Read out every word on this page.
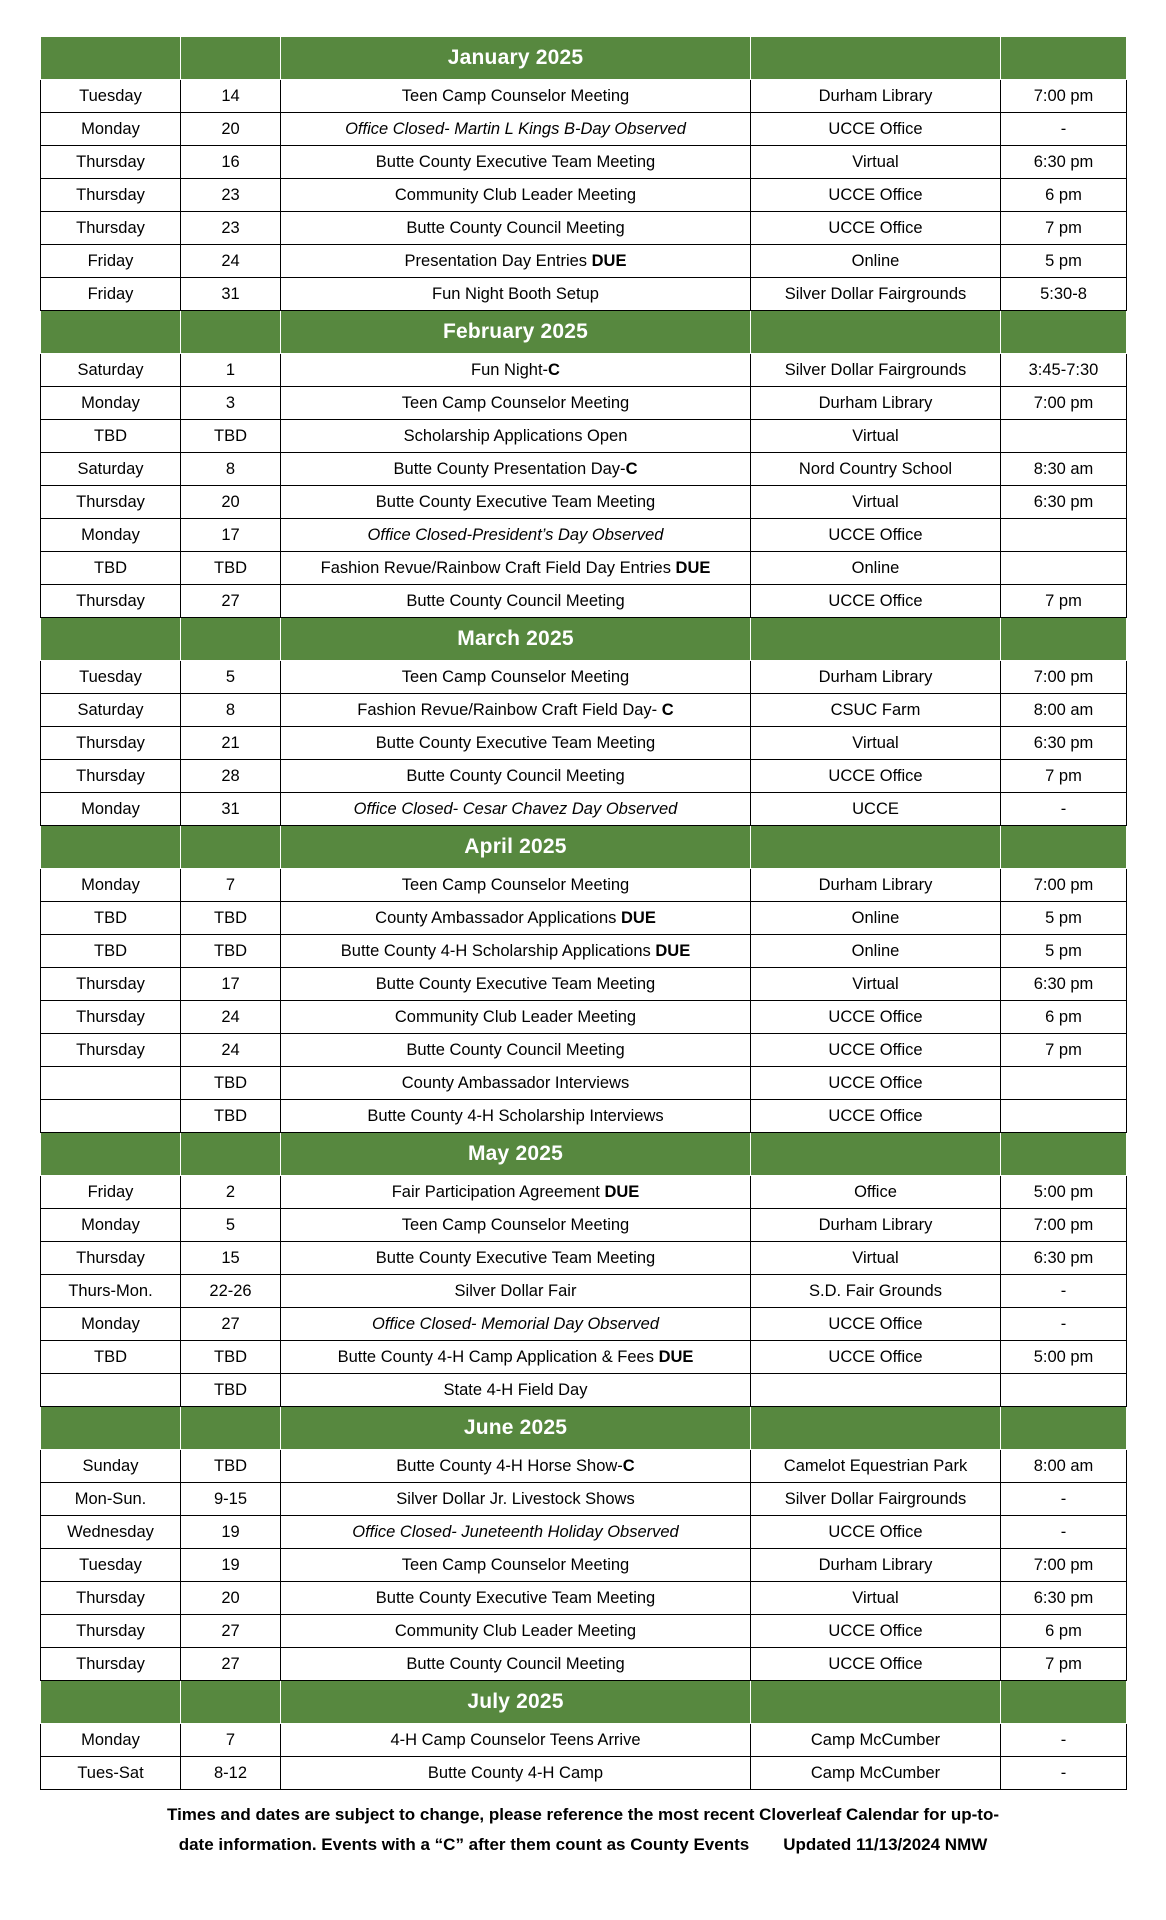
		January 2025		
Tuesday	14	Teen Camp Counselor Meeting	Durham Library	7:00 pm
Monday	20	Office Closed- Martin L Kings B-Day Observed	UCCE Office	-
Thursday	16	Butte County Executive Team Meeting	Virtual	6:30 pm
Thursday	23	Community Club Leader Meeting	UCCE Office	6 pm
Thursday	23	Butte County Council Meeting	UCCE Office	7 pm
Friday	24	Presentation Day Entries DUE	Online	5 pm
Friday	31	Fun Night Booth Setup	Silver Dollar Fairgrounds	5:30-8
		February 2025		
Saturday	1	Fun Night-C	Silver Dollar Fairgrounds	3:45-7:30
Monday	3	Teen Camp Counselor Meeting	Durham Library	7:00 pm
TBD	TBD	Scholarship Applications Open	Virtual	
Saturday	8	Butte County Presentation Day-C	Nord Country School	8:30 am
Thursday	20	Butte County Executive Team Meeting	Virtual	6:30 pm
Monday	17	Office Closed-President’s Day Observed	UCCE Office	
TBD	TBD	Fashion Revue/Rainbow Craft Field Day Entries DUE	Online	
Thursday	27	Butte County Council Meeting	UCCE Office	7 pm
		March 2025		
Tuesday	5	Teen Camp Counselor Meeting	Durham Library	7:00 pm
Saturday	8	Fashion Revue/Rainbow Craft Field Day- C	CSUC Farm	8:00 am
Thursday	21	Butte County Executive Team Meeting	Virtual	6:30 pm
Thursday	28	Butte County Council Meeting	UCCE Office	7 pm
Monday	31	Office Closed- Cesar Chavez Day Observed	UCCE	-
		April 2025		
Monday	7	Teen Camp Counselor Meeting	Durham Library	7:00 pm
TBD	TBD	County Ambassador Applications DUE	Online	5 pm
TBD	TBD	Butte County 4-H Scholarship Applications DUE	Online	5 pm
Thursday	17	Butte County Executive Team Meeting	Virtual	6:30 pm
Thursday	24	Community Club Leader Meeting	UCCE Office	6 pm
Thursday	24	Butte County Council Meeting	UCCE Office	7 pm
	TBD	County Ambassador Interviews	UCCE Office	
	TBD	Butte County 4-H Scholarship Interviews	UCCE Office	
		May 2025		
Friday	2	Fair Participation Agreement DUE	Office	5:00 pm
Monday	5	Teen Camp Counselor Meeting	Durham Library	7:00 pm
Thursday	15	Butte County Executive Team Meeting	Virtual	6:30 pm
Thurs-Mon.	22-26	Silver Dollar Fair	S.D. Fair Grounds	-
Monday	27	Office Closed- Memorial Day Observed	UCCE Office	-
TBD	TBD	Butte County 4-H Camp Application & Fees DUE	UCCE Office	5:00 pm
	TBD	State 4-H Field Day		
		June 2025		
Sunday	TBD	Butte County 4-H Horse Show-C	Camelot Equestrian Park	8:00 am
Mon-Sun.	9-15	Silver Dollar Jr. Livestock Shows	Silver Dollar Fairgrounds	-
Wednesday	19	Office Closed- Juneteenth Holiday Observed	UCCE Office	-
Tuesday	19	Teen Camp Counselor Meeting	Durham Library	7:00 pm
Thursday	20	Butte County Executive Team Meeting	Virtual	6:30 pm
Thursday	27	Community Club Leader Meeting	UCCE Office	6 pm
Thursday	27	Butte County Council Meeting	UCCE Office	7 pm
		July 2025		
Monday	7	4-H Camp Counselor Teens Arrive	Camp McCumber	-
Tues-Sat	8-12	Butte County 4-H Camp	Camp McCumber	-
Times and dates are subject to change, please reference the most recent Cloverleaf Calendar for up-to-
date information. Events with a “C” after them count as County Events Updated 11/13/2024 NMW
